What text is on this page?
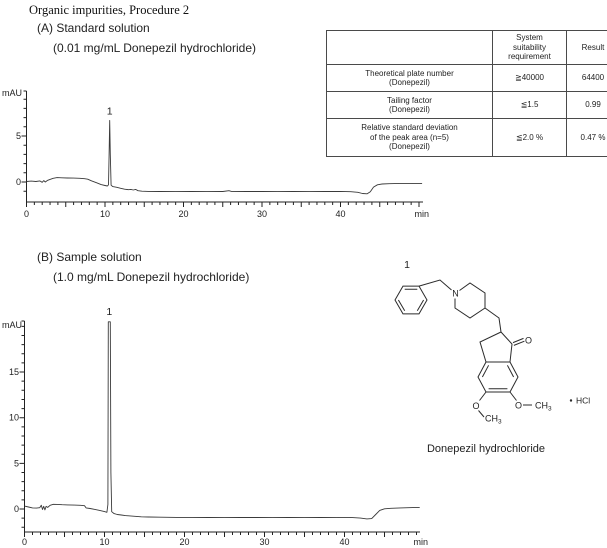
Organic impurities, Procedure 2
(A) Standard solution
(0.01 mg/mL Donepezil hydrochloride)
0	10	20	30	40	min
0
5
mAU
1

	System
suitability
requirement	Result

Theoretical plate number
(Donepezil)	≧40000	64400

Tailing factor
(Donepezil)	≦1.5	0.99

Relative standard deviation
of the peak area (n=5)
(Donepezil)	≦2.0 %	0.47 %
(B) Sample solution
(1.0 mg/mL Donepezil hydrochloride)
0	10	20	30	40	min
0
5
10
15
mAU
1
1
N
O
O	O
$CH_3$
$CH_3$
HCl
Donepezil hydrochloride
